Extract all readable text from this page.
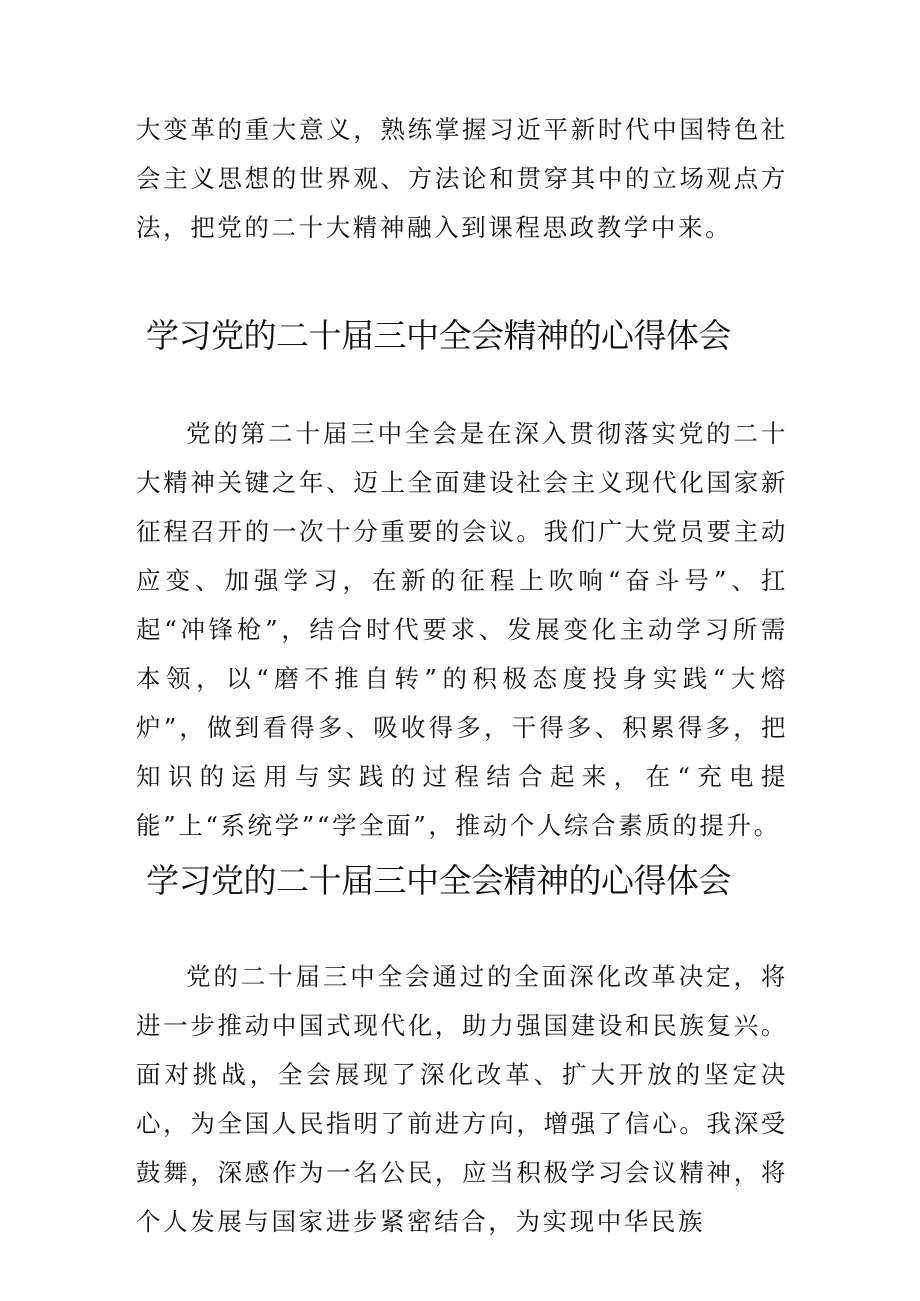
大变革的重大意义，熟练掌握习近平新时代中国特色社会主义思想的世界观、方法论和贯穿其中的立场观点方法，把党的二十大精神融入到课程思政教学中来。

学习党的二十届三中全会精神的心得体会

党的第二十届三中全会是在深入贯彻落实党的二十大精神关键之年、迈上全面建设社会主义现代化国家新征程召开的一次十分重要的会议。我们广大党员要主动应变、加强学习，在新的征程上吹响“奋斗号”、扛起“冲锋枪”，结合时代要求、发展变化主动学习所需本领，以“磨不推自转”的积极态度投身实践“大熔炉”，做到看得多、吸收得多，干得多、积累得多，把知识的运用与实践的过程结合起来，在“充电提能”上“系统学”“学全面”，推动个人综合素质的提升。

学习党的二十届三中全会精神的心得体会

党的二十届三中全会通过的全面深化改革决定，将进一步推动中国式现代化，助力强国建设和民族复兴。面对挑战，全会展现了深化改革、扩大开放的坚定决心，为全国人民指明了前进方向，增强了信心。我深受鼓舞，深感作为一名公民，应当积极学习会议精神，将个人发展与国家进步紧密结合，为实现中华民族
